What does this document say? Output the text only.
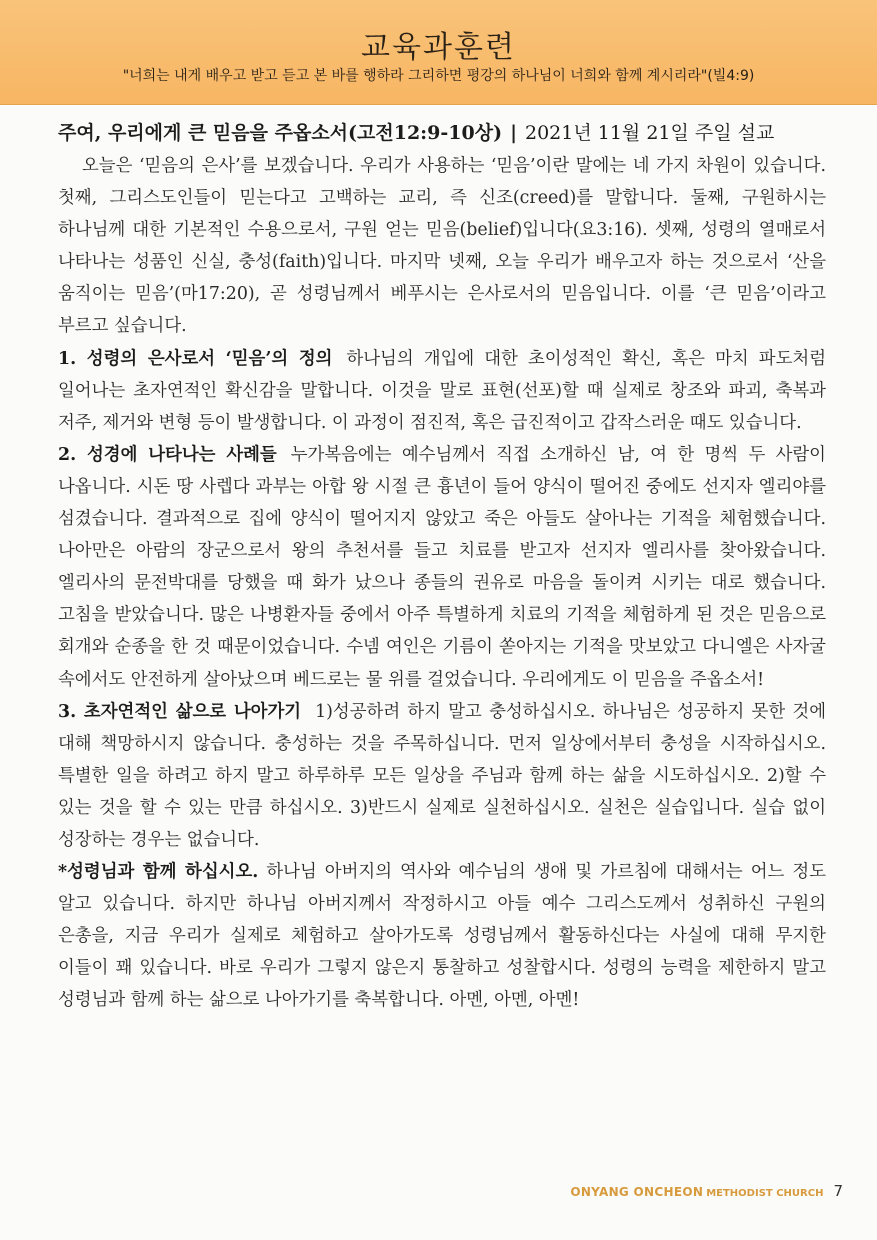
교육과훈련
"너희는 내게 배우고 받고 듣고 본 바를 행하라 그리하면 평강의 하나님이 너희와 함께 계시리라"(빌4:9)
주여, 우리에게 큰 믿음을 주옵소서(고전12:9-10상) | 2021년 11월 21일 주일 설교

오늘은 ‘믿음의 은사’를 보겠습니다. 우리가 사용하는 ‘믿음’이란 말에는 네 가지 차원이 있습니다. 첫째, 그리스도인들이 믿는다고 고백하는 교리, 즉 신조(creed)를 말합니다. 둘째, 구원하시는 하나님께 대한 기본적인 수용으로서, 구원 얻는 믿음(belief)입니다(요3:16). 셋째, 성령의 열매로서 나타나는 성품인 신실, 충성(faith)입니다. 마지막 넷째, 오늘 우리가 배우고자 하는 것으로서 ‘산을 움직이는 믿음’(마17:20), 곧 성령님께서 베푸시는 은사로서의 믿음입니다. 이를 ‘큰 믿음’이라고 부르고 싶습니다.

1. 성령의 은사로서 ‘믿음’의 정의 하나님의 개입에 대한 초이성적인 확신, 혹은 마치 파도처럼 일어나는 초자연적인 확신감을 말합니다. 이것을 말로 표현(선포)할 때 실제로 창조와 파괴, 축복과 저주, 제거와 변형 등이 발생합니다. 이 과정이 점진적, 혹은 급진적이고 갑작스러운 때도 있습니다.

2. 성경에 나타나는 사례들 누가복음에는 예수님께서 직접 소개하신 남, 여 한 명씩 두 사람이 나옵니다. 시돈 땅 사렙다 과부는 아합 왕 시절 큰 흉년이 들어 양식이 떨어진 중에도 선지자 엘리야를 섬겼습니다. 결과적으로 집에 양식이 떨어지지 않았고 죽은 아들도 살아나는 기적을 체험했습니다. 나아만은 아람의 장군으로서 왕의 추천서를 들고 치료를 받고자 선지자 엘리사를 찾아왔습니다. 엘리사의 문전박대를 당했을 때 화가 났으나 종들의 권유로 마음을 돌이켜 시키는 대로 했습니다. 고침을 받았습니다. 많은 나병환자들 중에서 아주 특별하게 치료의 기적을 체험하게 된 것은 믿음으로 회개와 순종을 한 것 때문이었습니다. 수넴 여인은 기름이 쏟아지는 기적을 맛보았고 다니엘은 사자굴 속에서도 안전하게 살아났으며 베드로는 물 위를 걸었습니다. 우리에게도 이 믿음을 주옵소서!

3. 초자연적인 삶으로 나아가기 1)성공하려 하지 말고 충성하십시오. 하나님은 성공하지 못한 것에 대해 책망하시지 않습니다. 충성하는 것을 주목하십니다. 먼저 일상에서부터 충성을 시작하십시오. 특별한 일을 하려고 하지 말고 하루하루 모든 일상을 주님과 함께 하는 삶을 시도하십시오. 2)할 수 있는 것을 할 수 있는 만큼 하십시오. 3)반드시 실제로 실천하십시오. 실천은 실습입니다. 실습 없이 성장하는 경우는 없습니다.

*성령님과 함께 하십시오. 하나님 아버지의 역사와 예수님의 생애 및 가르침에 대해서는 어느 정도 알고 있습니다. 하지만 하나님 아버지께서 작정하시고 아들 예수 그리스도께서 성취하신 구원의 은총을, 지금 우리가 실제로 체험하고 살아가도록 성령님께서 활동하신다는 사실에 대해 무지한 이들이 꽤 있습니다. 바로 우리가 그렇지 않은지 통찰하고 성찰합시다. 성령의 능력을 제한하지 말고 성령님과 함께 하는 삶으로 나아가기를 축복합니다. 아멘, 아멘, 아멘!

ONYANG ONCHEON METHODIST CHURCH 7
